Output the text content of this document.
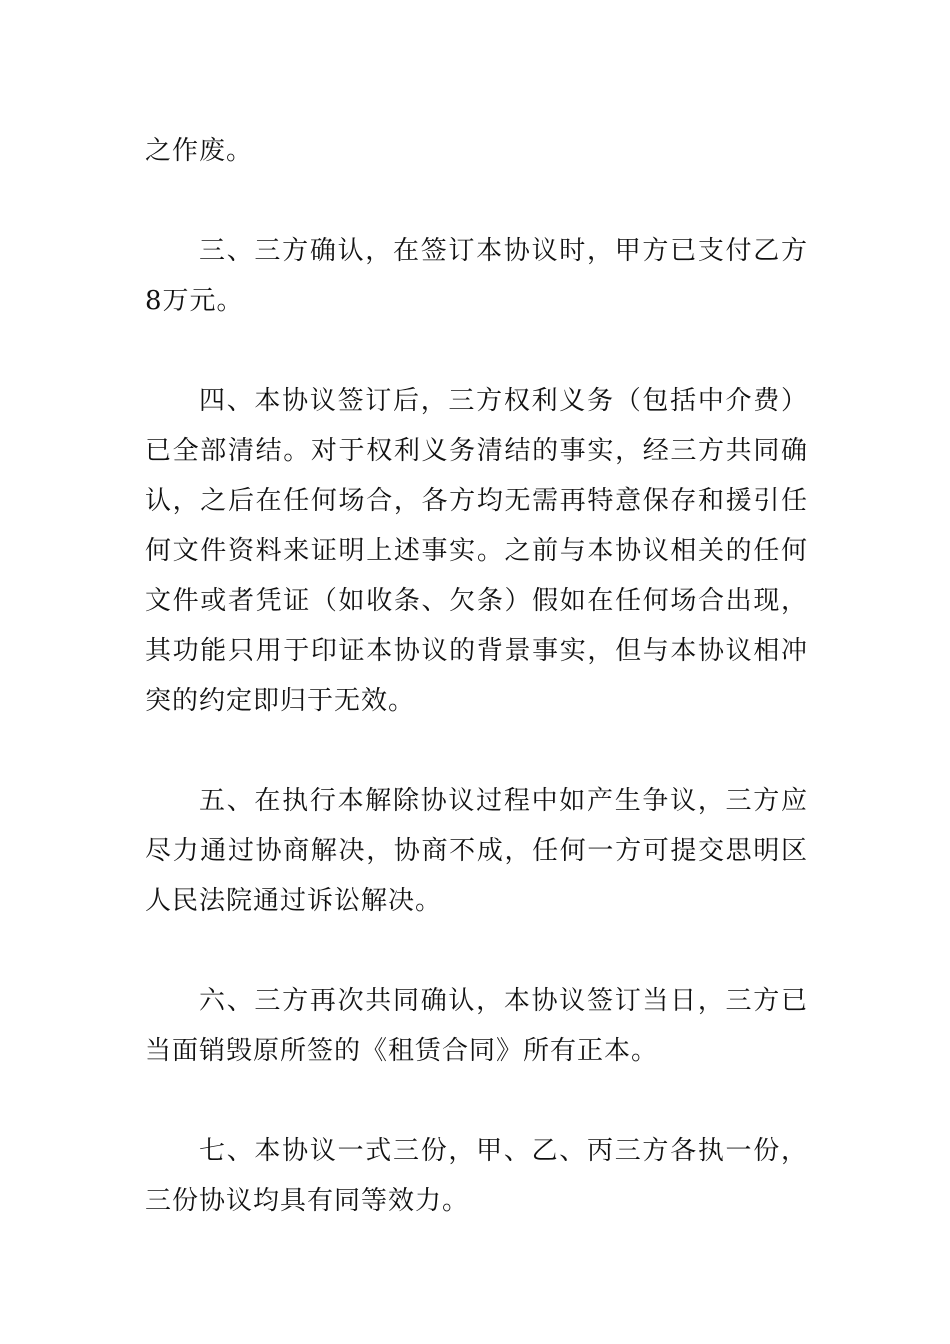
之作废。

三、三方确认，在签订本协议时，甲方已支付乙方8万元。

四、本协议签订后，三方权利义务（包括中介费）已全部清结。对于权利义务清结的事实，经三方共同确认，之后在任何场合，各方均无需再特意保存和援引任何文件资料来证明上述事实。之前与本协议相关的任何文件或者凭证（如收条、欠条）假如在任何场合出现，其功能只用于印证本协议的背景事实，但与本协议相冲突的约定即归于无效。

五、在执行本解除协议过程中如产生争议，三方应尽力通过协商解决，协商不成，任何一方可提交思明区人民法院通过诉讼解决。

六、三方再次共同确认，本协议签订当日，三方已当面销毁原所签的《租赁合同》所有正本。

七、本协议一式三份，甲、乙、丙三方各执一份，三份协议均具有同等效力。
